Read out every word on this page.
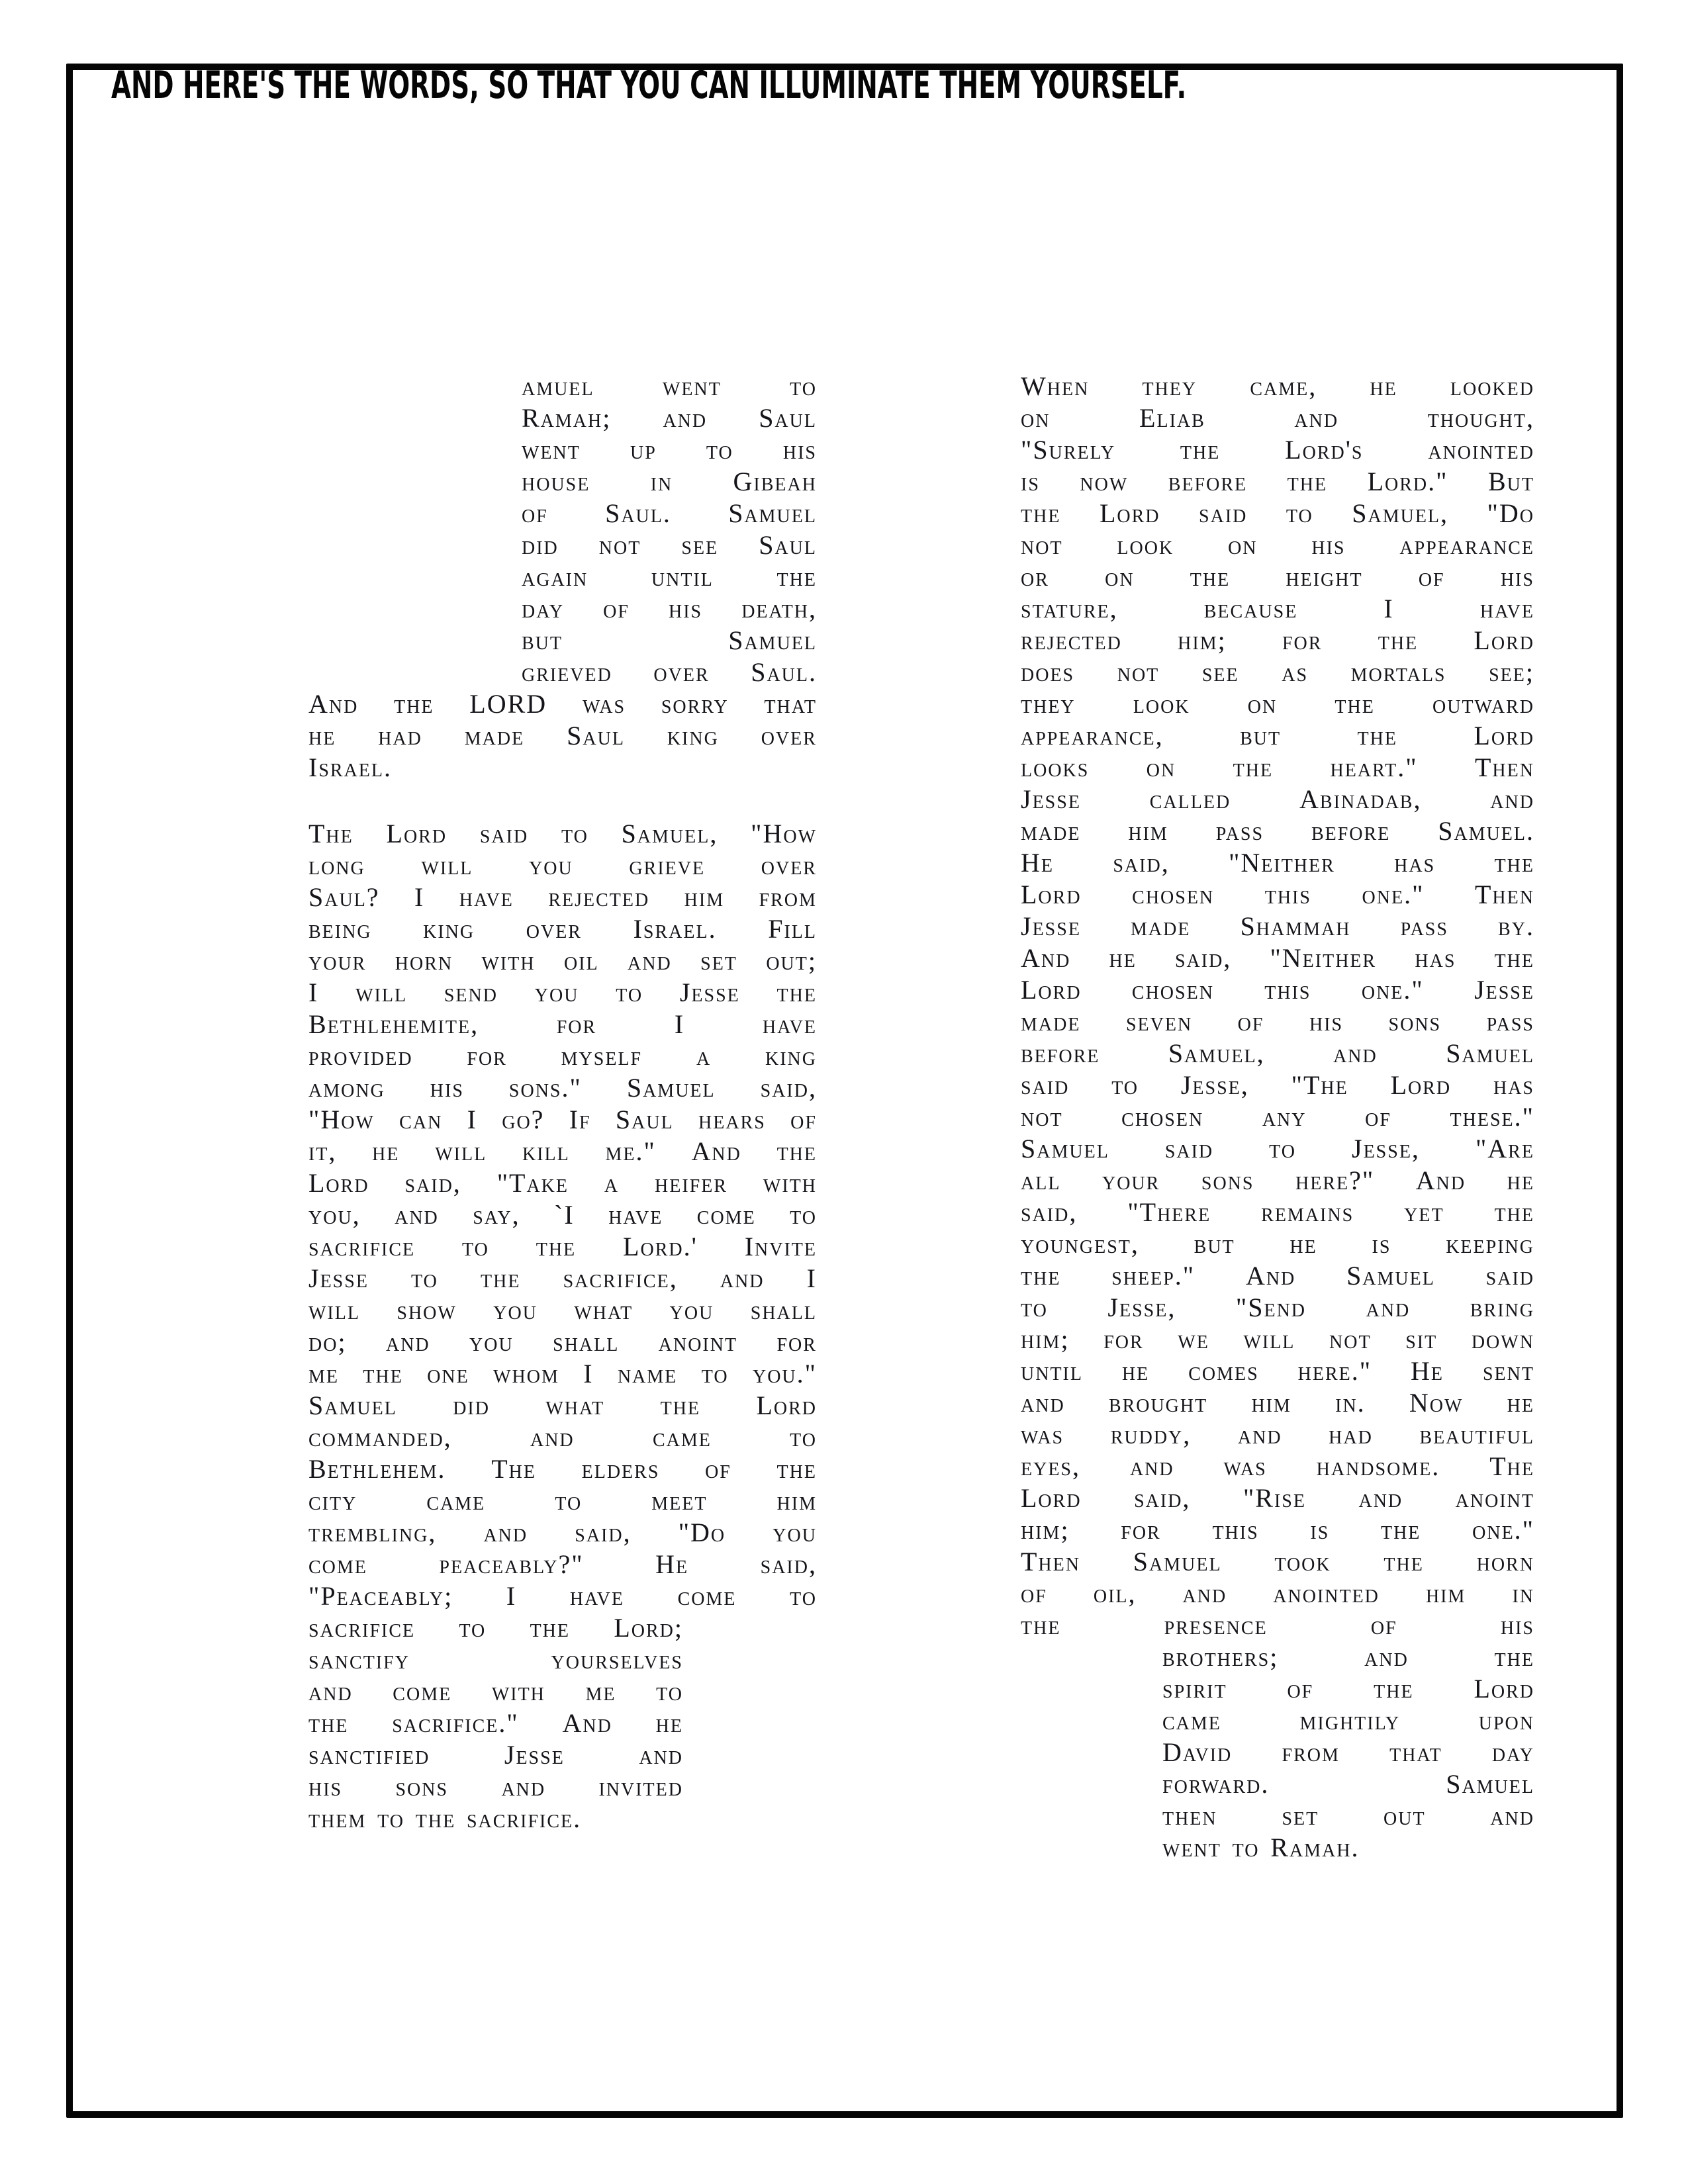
AND HERE'S THE WORDS, SO THAT YOU CAN ILLUMINATE THEM YOURSELF.
amuel	went	to
Ramah; and Saul
went up to his
house in Gibeah
of Saul. Samuel
did not see Saul
again until the
day of his death,
but	Samuel
grieved over Saul.
And the LORD was sorry that
he had made Saul king over
Israel.
The Lord said to Samuel, "How
long will you grieve over
Saul? I have rejected him from
being king over Israel. Fill
your horn with oil and set out;
I will send you to Jesse the
Bethlehemite,	for	I	have
provided for myself a king
among his sons." Samuel said,
"How can I go? If Saul hears of
it, he will kill me." And the
Lord said, "Take a heifer with
you, and say, `I have come to
sacrifice to the Lord.' Invite
Jesse to the sacrifice, and I
will show you what you shall
do; and you shall anoint for
me the one whom I name to you."
Samuel did what the Lord
commanded,	and	came	to
Bethlehem. The elders of the
city	came	to	meet	him
trembling, and said, "Do you
come	peaceably?"	He	said,
"Peaceably; I have come to
sacrifice to the Lord;
sanctify	yourselves
and come with me to
the sacrifice." And he
sanctified	Jesse	and
his sons and invited
them to the sacrifice.
When they came, he looked
on	Eliab	and	thought,
"Surely the Lord's anointed
is now before the Lord." But
the Lord said to Samuel, "Do
not look on his appearance
or on the height of his
stature,	because	I	have
rejected him; for the Lord
does not see as mortals see;
they look on the outward
appearance,	but	the	Lord
looks on the heart." Then
Jesse	called	Abinadab,	and
made him pass before Samuel.
He said, "Neither has the
Lord chosen this one." Then
Jesse made Shammah pass by.
And he said, "Neither has the
Lord chosen this one." Jesse
made seven of his sons pass
before	Samuel,	and	Samuel
said to Jesse, "The Lord has
not chosen any of these."
Samuel said to Jesse, "Are
all your sons here?" And he
said, "There remains yet the
youngest, but he is keeping
the sheep." And Samuel said
to Jesse, "Send and bring
him; for we will not sit down
until he comes here." He sent
and brought him in. Now he
was ruddy, and had beautiful
eyes, and was handsome. The
Lord said, "Rise and anoint
him; for this is the one."
Then Samuel took the horn
of oil, and anointed him in
the	presence	of	his
brothers;	and	the
spirit of the Lord
came	mightily	upon
David from that day
forward.	Samuel
then set out and
went to Ramah.
